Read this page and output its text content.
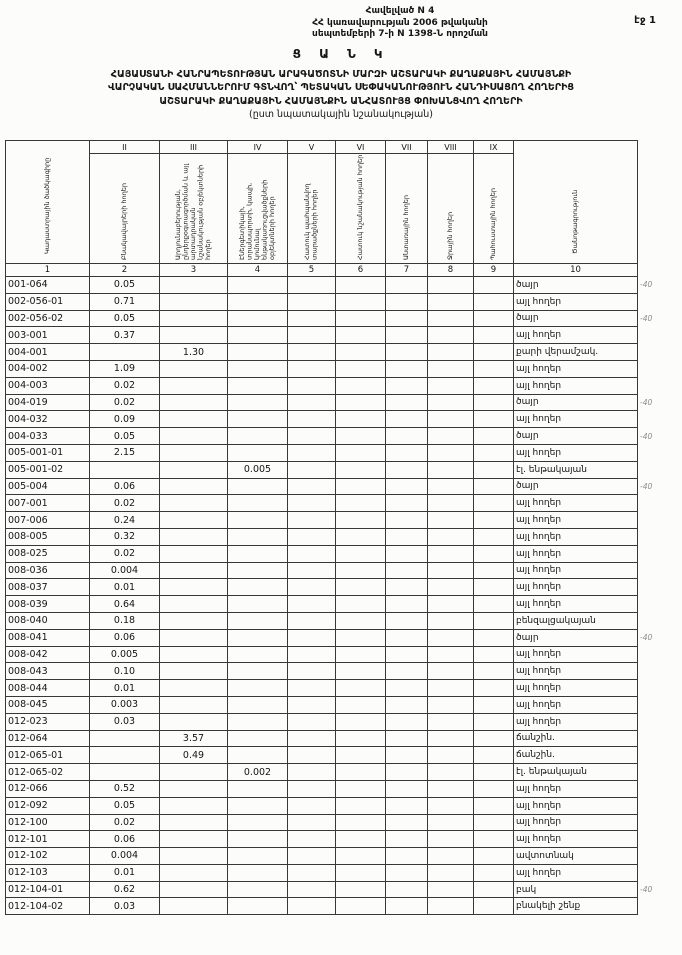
Հավելված N 4
ՀՀ կառավարության 2006 թվականի
սեպտեմբերի 7-ի N 1398-Ն որոշման
էջ 1
Ց Ա Ն Կ
ՀԱՅԱՍՏԱՆԻ ՀԱՆՐԱՊԵՏՈՒԹՅԱՆ ԱՐԱԳԱԾՈՏՆԻ ՄԱՐԶԻ ԱՇՏԱՐԱԿԻ ՔԱՂԱՔԱՅԻՆ ՀԱՄԱՅՆՔԻ
ՎԱՐՉԱԿԱՆ ՍԱՀՄԱՆՆԵՐՈՒՄ ԳՏՆՎՈՂ՝ ՊԵՏԱԿԱՆ ՍԵՓԱԿԱՆՈՒԹՅՈՒՆ ՀԱՆԴԻՍԱՑՈՂ ՀՈՂԵՐԻՑ
ԱՇՏԱՐԱԿԻ ՔԱՂԱՔԱՅԻՆ ՀԱՄԱՅՆՔԻՆ ԱՆՀԱՏՈՒՅՑ ՓՈԽԱՆՑՎՈՂ ՀՈՂԵՐԻ
(ըստ նպատակային նշանակության)
Կադաստրային ծածկագիրը	II	III	IV	V	VI	VII	VIII	IX	Ծանոթագրություն	
	Բնակավայրերի հողեր	Արդյունաբերության, ընդերքօգտագործման և այլ արտադրական նշանակության օբյեկտների հողեր	Էներգետիկայի, տրանսպորտի, կապի, կոմունալ ենթակառուցվածքների օբյեկտների հողեր	Հատուկ պահպանվող տարածքների հողեր	Հատուկ նշանակության հողեր	Անտառային հողեր	Ջրային հողեր	Պահուստային հողեր		
1	2	3	4	5	6	7	8	9	10	
001-064	0.05								ծայր	-40
002-056-01	0.71								այլ հողեր	
002-056-02	0.05								ծայր	-40
003-001	0.37								այլ հողեր	
004-001		1.30							քարի վերամշակ.	
004-002	1.09								այլ հողեր	
004-003	0.02								այլ հողեր	
004-019	0.02								ծայր	-40
004-032	0.09								այլ հողեր	
004-033	0.05								ծայր	-40
005-001-01	2.15								այլ հողեր	
005-001-02			0.005						էլ. ենթակայան	
005-004	0.06								ծայր	-40
007-001	0.02								այլ հողեր	
007-006	0.24								այլ հողեր	
008-005	0.32								այլ հողեր	
008-025	0.02								այլ հողեր	
008-036	0.004								այլ հողեր	
008-037	0.01								այլ հողեր	
008-039	0.64								այլ հողեր	
008-040	0.18								բենզալցակայան	
008-041	0.06								ծայր	-40
008-042	0.005								այլ հողեր	
008-043	0.10								այլ հողեր	
008-044	0.01								այլ հողեր	
008-045	0.003								այլ հողեր	
012-023	0.03								այլ հողեր	
012-064		3.57							ճանշին.	
012-065-01		0.49							ճանշին.	
012-065-02			0.002						էլ. ենթակայան	
012-066	0.52								այլ հողեր	
012-092	0.05								այլ հողեր	
012-100	0.02								այլ հողեր	
012-101	0.06								այլ հողեր	
012-102	0.004								ավտոտնակ	
012-103	0.01								այլ հողեր	
012-104-01	0.62								բակ	-40
012-104-02	0.03								բնակելի շենք	
